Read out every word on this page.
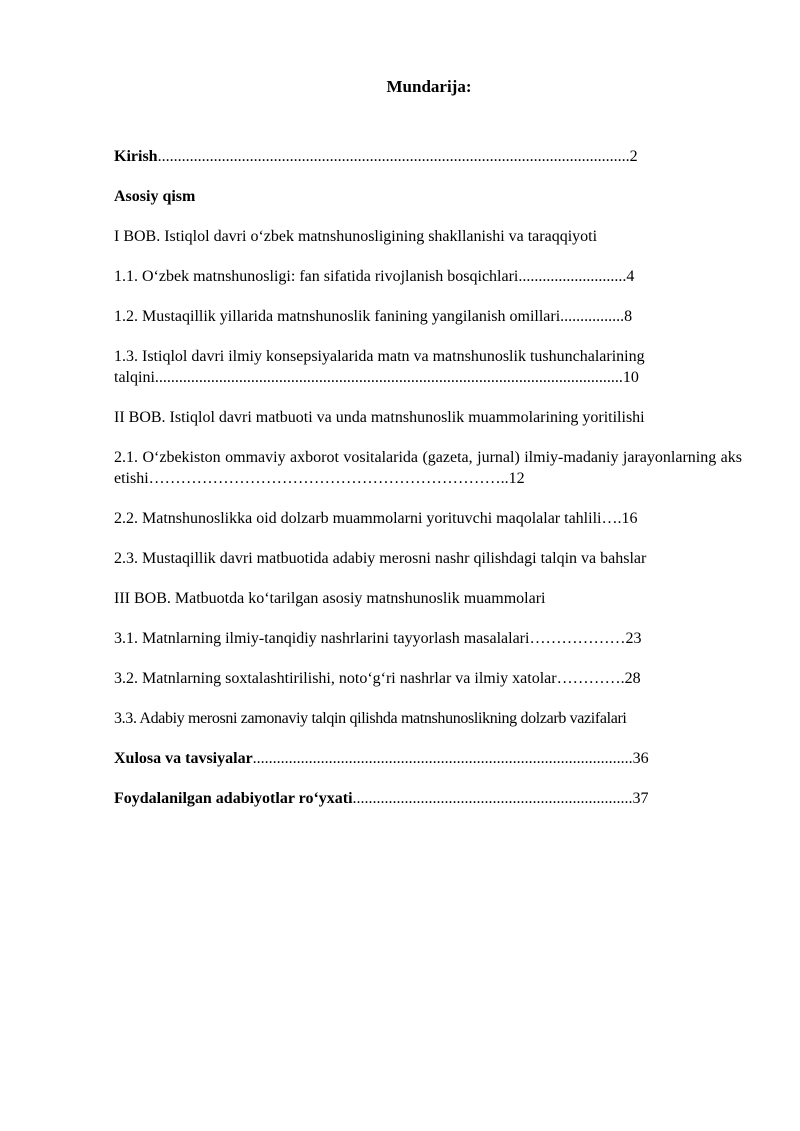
Mundarija:
Kirish......................................................................................................................2
Asosiy qism
I BOB. Istiqlol davri o‘zbek matnshunosligining shakllanishi va taraqqiyoti
1.1. O‘zbek matnshunosligi: fan sifatida rivojlanish bosqichlari...........................4
1.2. Mustaqillik yillarida matnshunoslik fanining yangilanish omillari................8
1.3. Istiqlol davri ilmiy konsepsiyalarida matn va matnshunoslik tushunchalarining
talqini.....................................................................................................................10
II BOB. Istiqlol davri matbuoti va unda matnshunoslik muammolarining yoritilishi
2.1. O‘zbekiston ommaviy axborot vositalarida (gazeta, jurnal) ilmiy-madaniy jarayonlarning aks etishi…………………………………………………………..12
2.2. Matnshunoslikka oid dolzarb muammolarni yorituvchi maqolalar tahlili….16
2.3. Mustaqillik davri matbuotida adabiy merosni nashr qilishdagi talqin va bahslar
III BOB. Matbuotda ko‘tarilgan asosiy matnshunoslik muammolari
3.1. Matnlarning ilmiy-tanqidiy nashrlarini tayyorlash masalalari………………23
3.2. Matnlarning soxtalashtirilishi, noto‘g‘ri nashrlar va ilmiy xatolar………….28
3.3. Adabiy merosni zamonaviy talqin qilishda matnshunoslikning dolzarb vazifalari
Xulosa va tavsiyalar...............................................................................................36
Foydalanilgan adabiyotlar ro‘yxati......................................................................37
